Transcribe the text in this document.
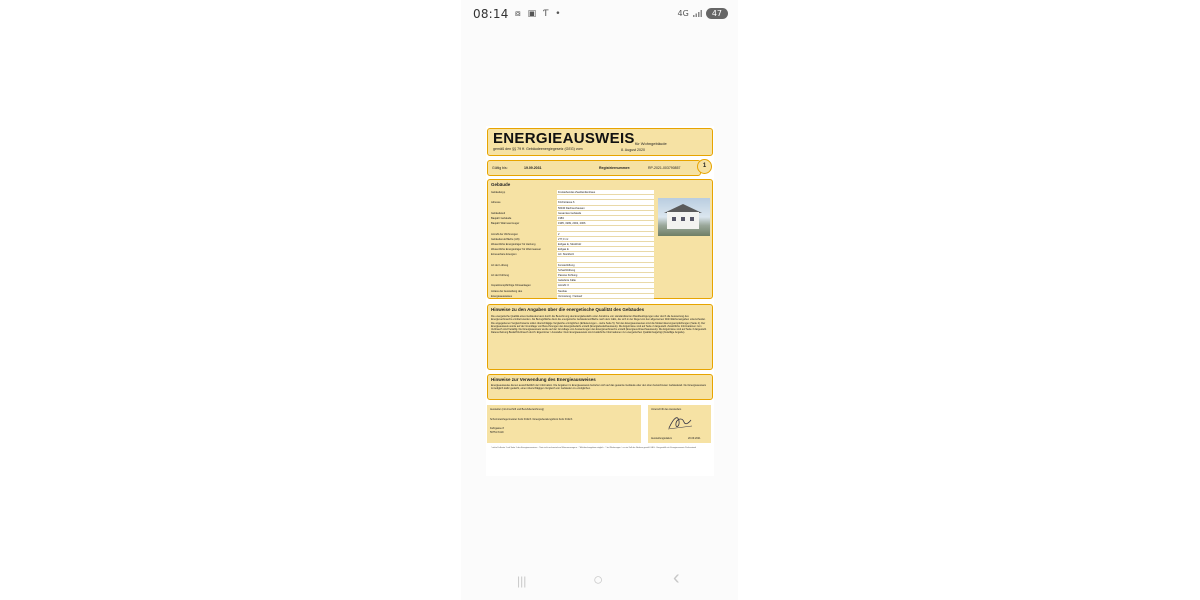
08:14 ⧇ ▣ Ƭ •	4G	47
ENERGIEAUSWEIS für Wohngebäude
gemäß den §§ 79 ff. Gebäudeenergiegesetz (GEG) vom	8. August 2020
Gültig bis:	19.09.2031	Registriernummer:	RP-2021-003790857	1
Gebäude
Gebäudetyp	Freistehendes Zweifamilienhaus
Adresse	Kirchstrasse 6
56340 Dachsenhausen
Gebäudeteil	Gesamtes Gebäude
Baujahr Gebäude	1983
Baujahr Wärmeerzeuger	1995, 1999, 2002, 2006
Anzahl der Wohnungen	2
Gebäudenutzfläche (AN)	277,0 m²
Wesentliche Energieträger für Heizung	Erdgas E, Stückholz
Wesentliche Energieträger für Warmwasser	Erdgas E
Erneuerbare Energien	Art: Stückholz
Art der Lüftung	Fensterlüftung
Schachtlüftung
Art der Kühlung	Passive Kühlung
Gelieferte Kälte
Inspektionspflichtige Klimaanlagen	Anzahl: 0
Anlass der Ausstellung des	Neubau
Energieausweises	Vermietung / Verkauf
Hinweise zu den Angaben über die energetische Qualität des Gebäudes
Die energetische Qualität eines Gebäudes kann durch die Berechnung des Energiebedarfs unter Annahme von standardisierten Randbedingungen oder durch die Auswertung des Energieverbrauchs ermittelt werden. Als Bezugsfläche dient die energetische Gebäudenutzfläche nach dem GEG, die sich in der Regel von den allgemeinen Wohnflächenangaben unterscheidet. Die angegebenen Vergleichswerte sollen überschlägige Vergleiche ermöglichen (Erläuterungen – siehe Seite 5). Teil des Energieausweises sind die Modernisierungsempfehlungen (Seite 4). Der Energieausweis wurde auf der Grundlage von Berechnungen des Energiebedarfs erstellt (Energiebedarfsausweis). Die Ergebnisse sind auf Seite 2 dargestellt. Zusätzliche Informationen zum Verbrauch sind freiwillig. Der Energieausweis wurde auf der Grundlage von Auswertungen des Energieverbrauchs erstellt (Energieverbrauchsausweis). Die Ergebnisse sind auf Seite 3 dargestellt. Datenerhebung Bedarf/Verbrauch durch: Eigentümer / Aussteller. Dem Energieausweis sind zusätzliche Informationen zur energetischen Qualität beigefügt (freiwillige Angabe).
Hinweise zur Verwendung des Energieausweises
Energieausweise dienen ausschließlich der Information. Die Angaben im Energieausweis beziehen sich auf das gesamte Gebäude oder den oben bezeichneten Gebäudeteil. Der Energieausweis ist lediglich dafür gedacht, einen überschlägigen Vergleich von Gebäuden zu ermöglichen.
Aussteller (mit Anschrift und Berufsbezeichnung)
Schornsteinfegermeister Felix Frölich / Energieberatungsbüro Felix Frölich
Fahrgasse 8
56751 Polch
Unterschrift des Ausstellers
Ausstellungsdatum	20.09.2021
¹ siehe Fußnote 1 auf Seite 1 des Energieausweises · ² bei nicht rechnerischen Wärmeerzeugern · ³ Mehrfachangaben möglich · ⁴ bei Wohnungen ⁵ nur im Fall der Neubau gemäß GEG · Hergestellt mit: Energieausweis Professional
|||	○	‹
